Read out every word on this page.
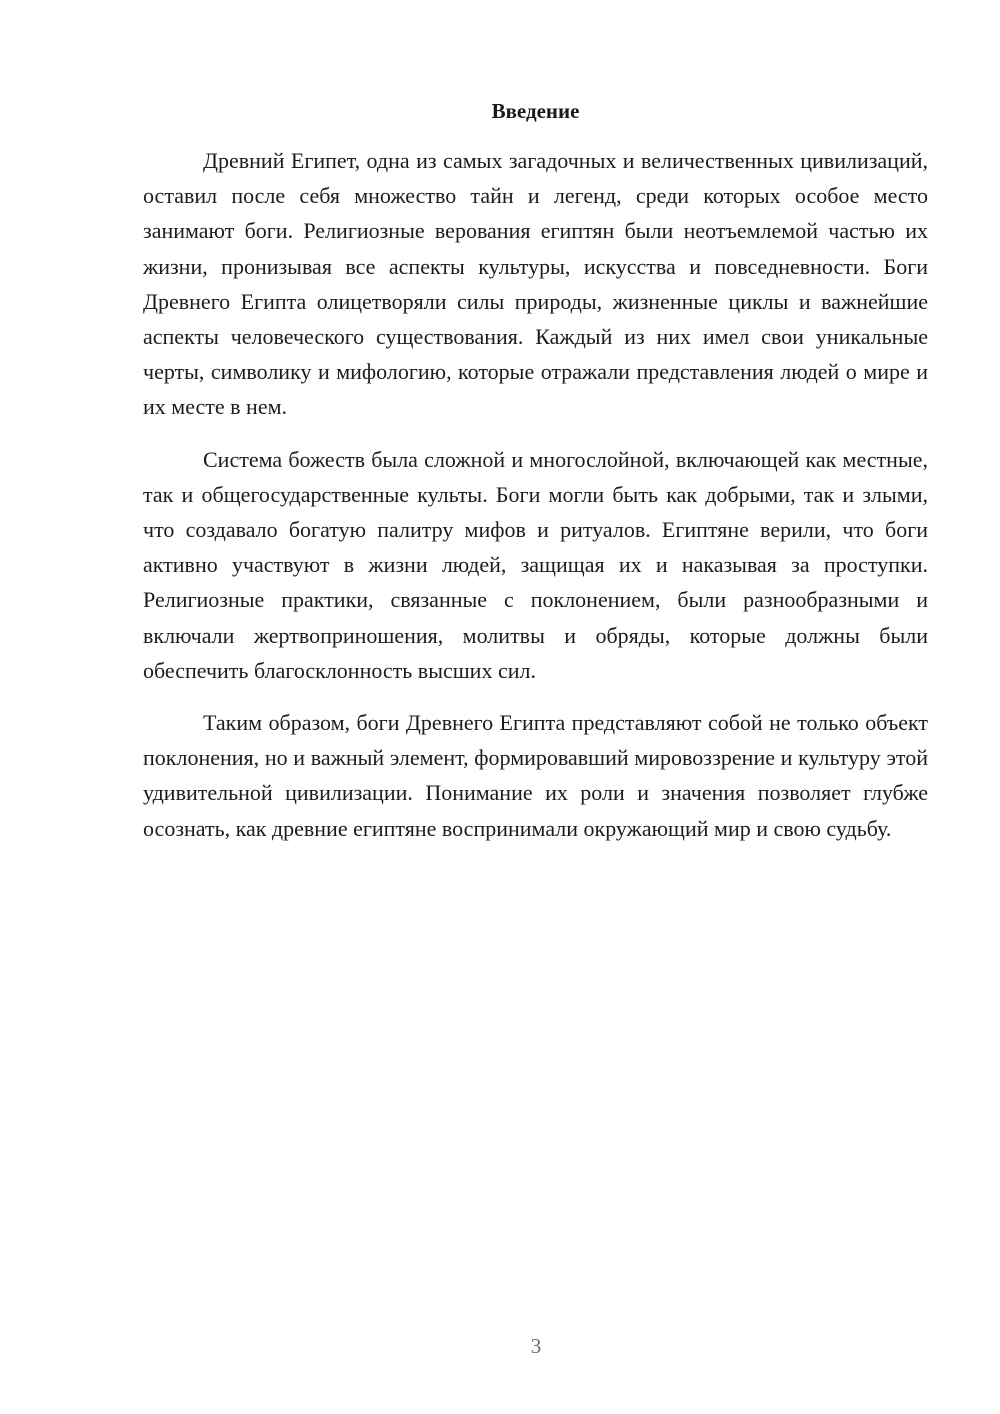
Введение

Древний Египет, одна из самых загадочных и величественных цивилизаций, оставил после себя множество тайн и легенд, среди которых особое место занимают боги. Религиозные верования египтян были неотъемлемой частью их жизни, пронизывая все аспекты культуры, искусства и повседневности. Боги Древнего Египта олицетворяли силы природы, жизненные циклы и важнейшие аспекты человеческого существования. Каждый из них имел свои уникальные черты, символику и мифологию, которые отражали представления людей о мире и их месте в нем.

Система божеств была сложной и многослойной, включающей как местные, так и общегосударственные культы. Боги могли быть как добрыми, так и злыми, что создавало богатую палитру мифов и ритуалов. Египтяне верили, что боги активно участвуют в жизни людей, защищая их и наказывая за проступки. Религиозные практики, связанные с поклонением, были разнообразными и включали жертвоприношения, молитвы и обряды, которые должны были обеспечить благосклонность высших сил.

Таким образом, боги Древнего Египта представляют собой не только объект поклонения, но и важный элемент, формировавший мировоззрение и культуру этой удивительной цивилизации. Понимание их роли и значения позволяет глубже осознать, как древние египтяне воспринимали окружающий мир и свою судьбу.

3
